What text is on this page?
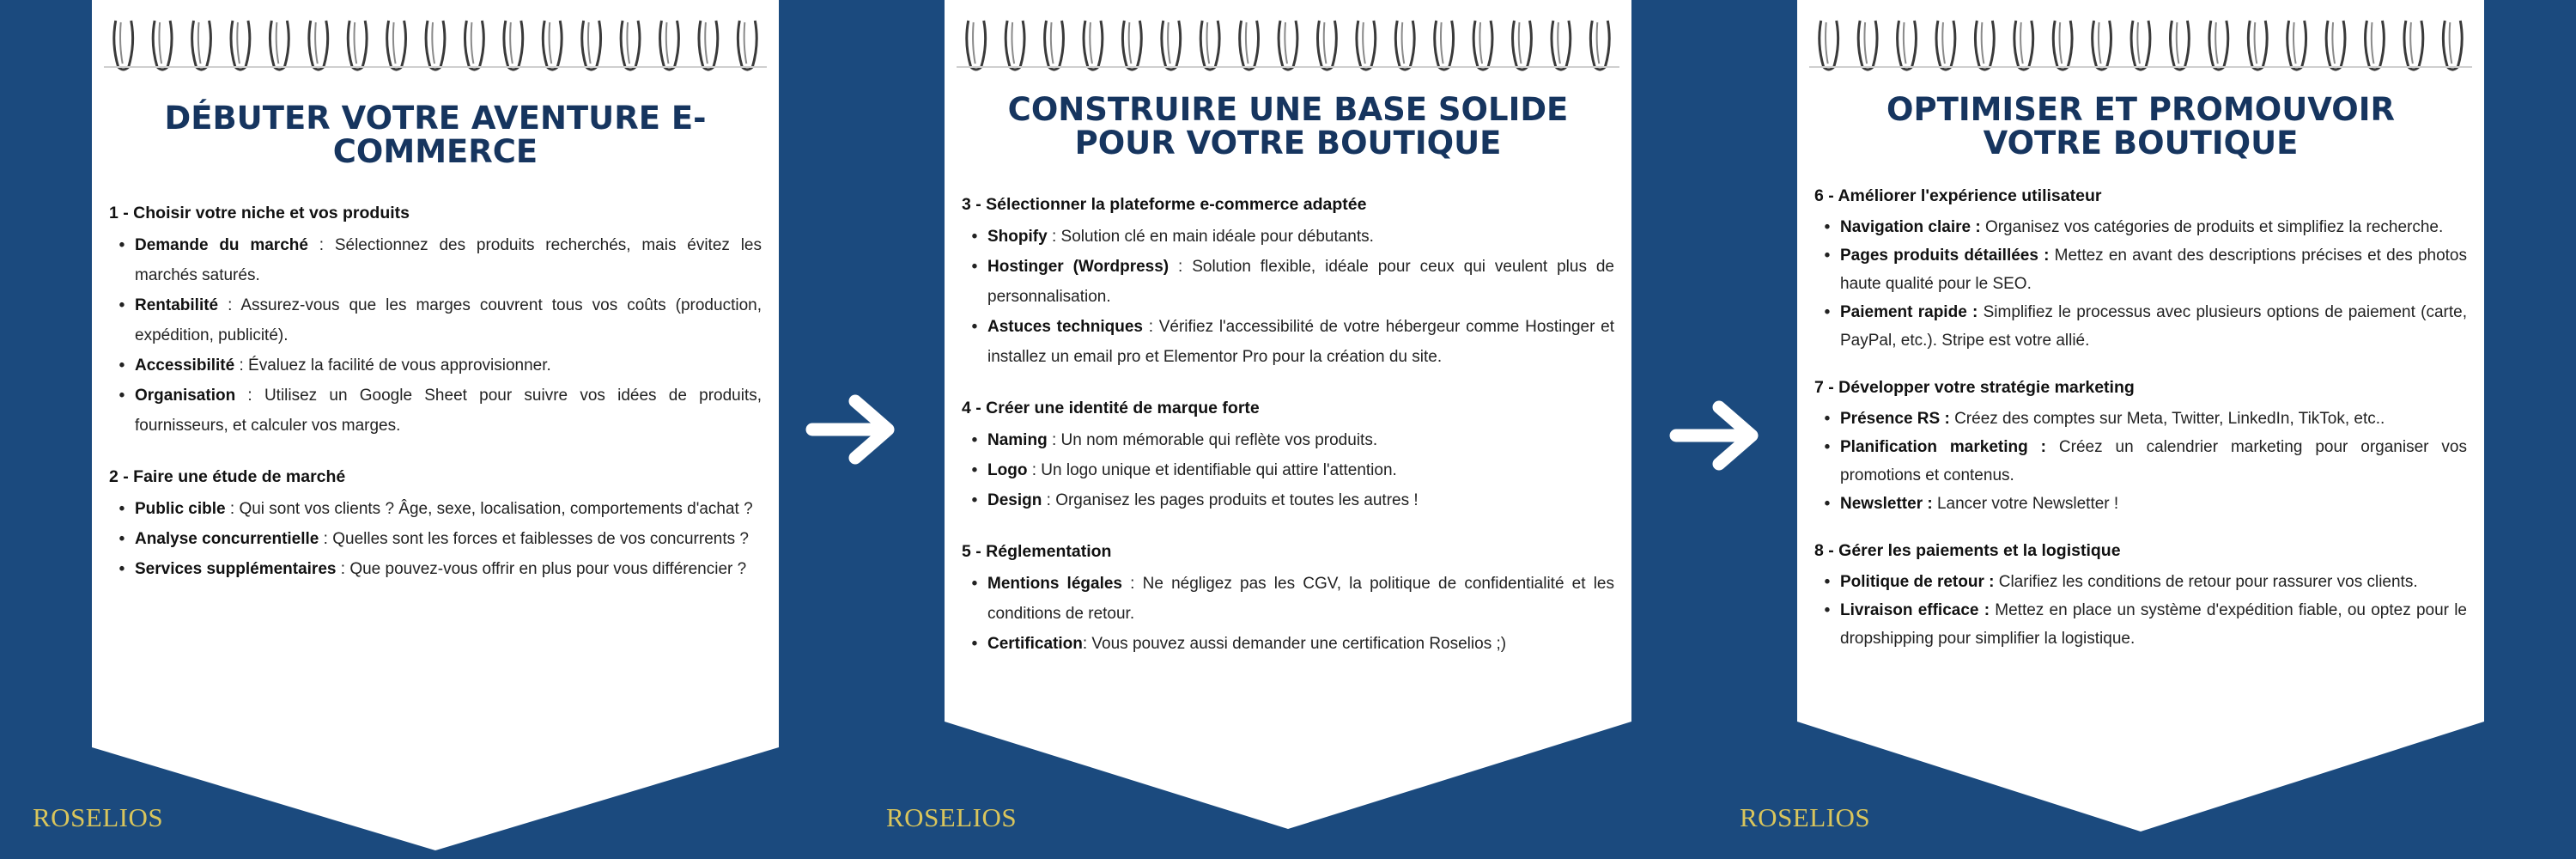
DÉBUTER VOTRE AVENTURE E-COMMERCE
1 - Choisir votre niche et vos produits
• Demande du marché : Sélectionnez des produits recherchés, mais évitez les marchés saturés.
• Rentabilité : Assurez-vous que les marges couvrent tous vos coûts (production, expédition, publicité).
• Accessibilité : Évaluez la facilité de vous approvisionner.
• Organisation : Utilisez un Google Sheet pour suivre vos idées de produits, fournisseurs, et calculer vos marges.
2 - Faire une étude de marché
• Public cible : Qui sont vos clients ? Âge, sexe, localisation, comportements d'achat ?
• Analyse concurrentielle : Quelles sont les forces et faiblesses de vos concurrents ?
• Services supplémentaires : Que pouvez-vous offrir en plus pour vous différencier ?
CONSTRUIRE UNE BASE SOLIDE POUR VOTRE BOUTIQUE
3 - Sélectionner la plateforme e-commerce adaptée
• Shopify : Solution clé en main idéale pour débutants.
• Hostinger (Wordpress) : Solution flexible, idéale pour ceux qui veulent plus de personnalisation.
• Astuces techniques : Vérifiez l'accessibilité de votre hébergeur comme Hostinger et installez un email pro et Elementor Pro pour la création du site.
4 - Créer une identité de marque forte
• Naming : Un nom mémorable qui reflète vos produits.
• Logo : Un logo unique et identifiable qui attire l'attention.
• Design : Organisez les pages produits et toutes les autres !
5 - Réglementation
• Mentions légales : Ne négligez pas les CGV, la politique de confidentialité et les conditions de retour.
• Certification: Vous pouvez aussi demander une certification Roselios ;)
OPTIMISER ET PROMOUVOIR VOTRE BOUTIQUE
6 - Améliorer l'expérience utilisateur
• Navigation claire : Organisez vos catégories de produits et simplifiez la recherche.
• Pages produits détaillées : Mettez en avant des descriptions précises et des photos haute qualité pour le SEO.
• Paiement rapide : Simplifiez le processus avec plusieurs options de paiement (carte, PayPal, etc.). Stripe est votre allié.
7 - Développer votre stratégie marketing
• Présence RS : Créez des comptes sur Meta, Twitter, LinkedIn, TikTok, etc..
• Planification marketing : Créez un calendrier marketing pour organiser vos promotions et contenus.
• Newsletter : Lancer votre Newsletter !
8 - Gérer les paiements et la logistique
• Politique de retour : Clarifiez les conditions de retour pour rassurer vos clients.
• Livraison efficace : Mettez en place un système d'expédition fiable, ou optez pour le dropshipping pour simplifier la logistique.
ROSELIOS	ROSELIOS	ROSELIOS
